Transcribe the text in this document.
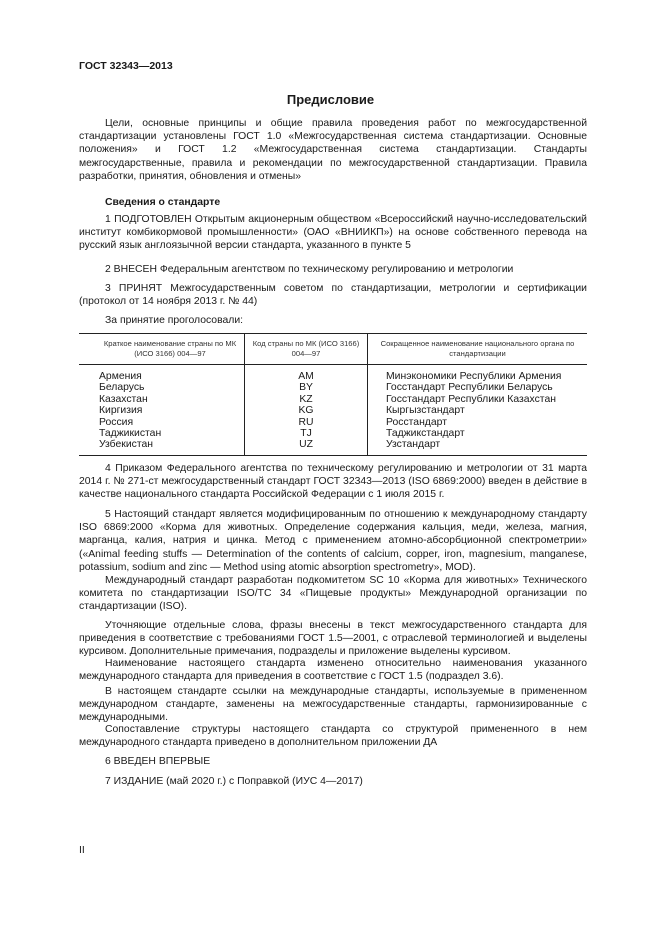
ГОСТ 32343—2013
Предисловие

Цели, основные принципы и общие правила проведения работ по межгосударственной стандартизации установлены ГОСТ 1.0 «Межгосударственная система стандартизации. Основные положения» и ГОСТ 1.2 «Межгосударственная система стандартизации. Стандарты межгосударственные, правила и рекомендации по межгосударственной стандартизации. Правила разработки, принятия, обновления и отмены»

Сведения о стандарте

1 ПОДГОТОВЛЕН Открытым акционерным обществом «Всероссийский научно-исследовательский институт комбикормовой промышленности» (ОАО «ВНИИКП») на основе собственного перевода на русский язык англоязычной версии стандарта, указанного в пункте 5

2 ВНЕСЕН Федеральным агентством по техническому регулированию и метрологии

3 ПРИНЯТ Межгосударственным советом по стандартизации, метрологии и сертификации (протокол от 14 ноября 2013 г. № 44)

За принятие проголосовали:

Краткое наименование страны по МК (ИСО 3166) 004—97	Код страны по МК (ИСО 3166) 004—97	Сокращенное наименование национального органа по стандартизации

Армения	AM	Минэкономики Республики Армения
Беларусь	BY	Госстандарт Республики Беларусь
Казахстан	KZ	Госстандарт Республики Казахстан
Киргизия	KG	Кыргызстандарт
Россия	RU	Росстандарт
Таджикистан	TJ	Таджикстандарт
Узбекистан	UZ	Узстандарт

4 Приказом Федерального агентства по техническому регулированию и метрологии от 31 марта 2014 г. № 271-ст межгосударственный стандарт ГОСТ 32343—2013 (ISO 6869:2000) введен в действие в качестве национального стандарта Российской Федерации с 1 июля 2015 г.

5 Настоящий стандарт является модифицированным по отношению к международному стандарту ISO 6869:2000 «Корма для животных. Определение содержания кальция, меди, железа, магния, марганца, калия, натрия и цинка. Метод с применением атомно-абсорбционной спектрометрии» («Animal feeding stuffs — Determination of the contents of calcium, copper, iron, magnesium, manganese, potassium, sodium and zinc — Method using atomic absorption spectrometry», MOD).

Международный стандарт разработан подкомитетом SC 10 «Корма для животных» Технического комитета по стандартизации ISO/TC 34 «Пищевые продукты» Международной организации по стандартизации (ISO).

Уточняющие отдельные слова, фразы внесены в текст межгосударственного стандарта для приведения в соответствие с требованиями ГОСТ 1.5—2001, с отраслевой терминологией и выделены курсивом. Дополнительные примечания, подразделы и приложение выделены курсивом.

Наименование настоящего стандарта изменено относительно наименования указанного международного стандарта для приведения в соответствие с ГОСТ 1.5 (подраздел 3.6).

В настоящем стандарте ссылки на международные стандарты, используемые в примененном международном стандарте, заменены на межгосударственные стандарты, гармонизированные с международными.

Сопоставление структуры настоящего стандарта со структурой примененного в нем международного стандарта приведено в дополнительном приложении ДА

6 ВВЕДЕН ВПЕРВЫЕ

7 ИЗДАНИЕ (май 2020 г.) с Поправкой (ИУС 4—2017)

II
